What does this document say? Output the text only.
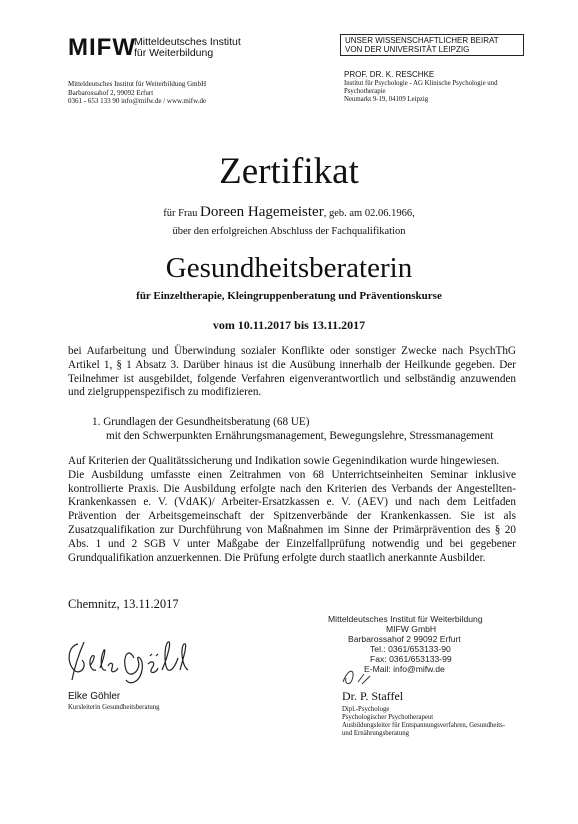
MIFW
Mitteldeutsches Institut
für Weiterbildung
Mitteldeutsches Institut für Weiterbildung GmbH
Barbarossahof 2, 99092 Erfurt
0361 - 653 133 90 info@mifw.de / www.mifw.de
UNSER WISSENSCHAFTLICHER BEIRAT
VON DER UNIVERSITÄT LEIPZIG
PROF. DR. K. RESCHKE
Institut für Psychologie - AG Klinische Psychologie und
Psychotherapie
Neumarkt 9-19, 04109 Leipzig
Zertifikat
für Frau Doreen Hagemeister, geb. am 02.06.1966,
über den erfolgreichen Abschluss der Fachqualifikation
Gesundheitsberaterin
für Einzeltherapie, Kleingruppenberatung und Präventionskurse
vom 10.11.2017 bis 13.11.2017
bei Aufarbeitung und Überwindung sozialer Konflikte oder sonstiger Zwecke nach PsychThG Artikel 1, § 1 Absatz 3. Darüber hinaus ist die Ausübung innerhalb der Heilkunde gegeben. Der Teilnehmer ist ausgebildet, folgende Verfahren eigenverantwortlich und selbständig anzuwenden und zielgruppenspezifisch zu modifizieren.
1. Grundlagen der Gesundheitsberatung (68 UE)
mit den Schwerpunkten Ernährungsmanagement, Bewegungslehre, Stressmanagement
Auf Kriterien der Qualitätssicherung und Indikation sowie Gegenindikation wurde hingewiesen.
Die Ausbildung umfasste einen Zeitrahmen von 68 Unterrichtseinheiten Seminar inklusive kontrollierte Praxis. Die Ausbildung erfolgte nach den Kriterien des Verbands der Angestellten-Krankenkassen e. V. (VdAK)/ Arbeiter-Ersatzkassen e. V. (AEV) und nach dem Leitfaden Prävention der Arbeitsgemeinschaft der Spitzenverbände der Krankenkassen. Sie ist als Zusatzqualifikation zur Durchführung von Maßnahmen im Sinne der Primärprävention des § 20 Abs. 1 und 2 SGB V unter Maßgabe der Einzelfallprüfung notwendig und bei gegebener Grundqualifikation anzuerkennen. Die Prüfung erfolgte durch staatlich anerkannte Ausbilder.
Chemnitz, 13.11.2017
Mitteldeutsches Institut für Weiterbildung
MIFW GmbH
Barbarossahof 2 99092 Erfurt
Tel.: 0361/653133-90
Fax: 0361/653133-99
E-Mail: info@mifw.de
Elke Göhl
Elke Göhler
Kursleiterin Gesundheitsberatung
Dr. P. Staffel
Dipl.-Psychologe
Psychologischer Psychotherapeut
Ausbildungsleiter für Entspannungsverfahren, Gesundheits-
und Ernährungsberatung
